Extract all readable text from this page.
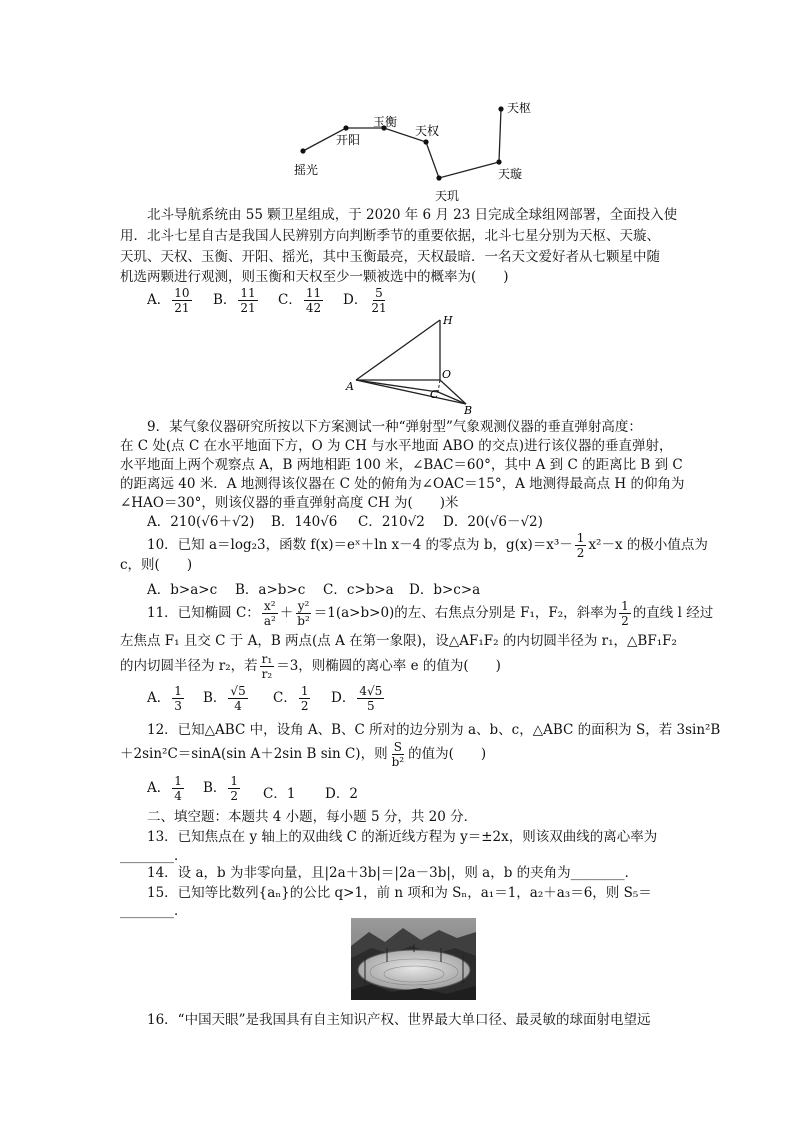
天枢
玉衡
天权
开阳
摇光	天璇
天玑
北斗导航系统由 55 颗卫星组成，于 2020 年 6 月 23 日完成全球组网部署，全面投入使
用．北斗七星自古是我国人民辨别方向判断季节的重要依据，北斗七星分别为天枢、天璇、
天玑、天权、玉衡、开阳、摇光，其中玉衡最亮，天权最暗．一名天文爱好者从七颗星中随
机选两颗进行观测，则玉衡和天权至少一颗被选中的概率为(　　)
A． $\frac{10}{21}$ B． $\frac{11}{21}$ C． $\frac{11}{42}$ D． $\frac{5}{21}$
H
O
A
C
B
9．某气象仪器研究所按以下方案测试一种“弹射型”气象观测仪器的垂直弹射高度：
在 C 处(点 C 在水平地面下方，O 为 CH 与水平地面 ABO 的交点)进行该仪器的垂直弹射，
水平地面上两个观察点 A，B 两地相距 100 米，∠BAC＝60°，其中 A 到 C 的距离比 B 到 C
的距离远 40 米．A 地测得该仪器在 C 处的俯角为∠OAC＝15°，A 地测得最高点 H 的仰角为
∠HAO＝30°，则该仪器的垂直弹射高度 CH 为(　　)米
A．210(√6＋√2) B．140√6 C．210√2 D．20(√6－√2)
10．已知 a＝log₂3，函数 f(x)＝eˣ＋ln x－4 的零点为 b，$g(x)=x^3- \frac{1}{2} x^2-x$ 的极小值点为
c，则(　　)
A．b>a>c B．a>b>c C．c>b>a D．b>c>a
11．已知椭圆 C： $\frac{\text{x²}}{\text{a²}} + \frac{\text{y²}}{\text{b²}} =1(a>b>0)$的左、右焦点分别是 F₁，F₂，斜率为 $\frac{1}{2}$ 的直线 l 经过
左焦点 F₁ 且交 C 于 A，B 两点(点 A 在第一象限)，设△AF₁F₂ 的内切圆半径为 r₁，△BF₁F₂
的内切圆半径为 r₂，若 $\frac{\text{r₁}}{\text{r₂}} =3$，则椭圆的离心率 e 的值为(　　)
A． $\frac{1}{3}$ B． $\frac{√5}{4}$ C． $\frac{1}{2}$ D． $\frac{4√5}{5}$
12．已知△ABC 中，设角 A、B、C 所对的边分别为 a、b、c，△ABC 的面积为 S，若 3sin²B
＋2sin²C＝sinA(sin A＋2sin B sin C)，则 $\frac{S}{\text{b²}}$ 的值为(　　)
A． $\frac{1}{4}$ B． $\frac{1}{2}$ C．1 D．2
二、填空题：本题共 4 小题，每小题 5 分，共 20 分．
13．已知焦点在 y 轴上的双曲线 C 的渐近线方程为 y＝±2x，则该双曲线的离心率为
________．
14．设 a，b 为非零向量，且|2a＋3b|＝|2a－3b|，则 a，b 的夹角为________．
15．已知等比数列{aₙ}的公比 q>1，前 n 项和为 Sₙ，a₁＝1，a₂＋a₃＝6，则 S₅＝
________．
16．“中国天眼”是我国具有自主知识产权、世界最大单口径、最灵敏的球面射电望远
